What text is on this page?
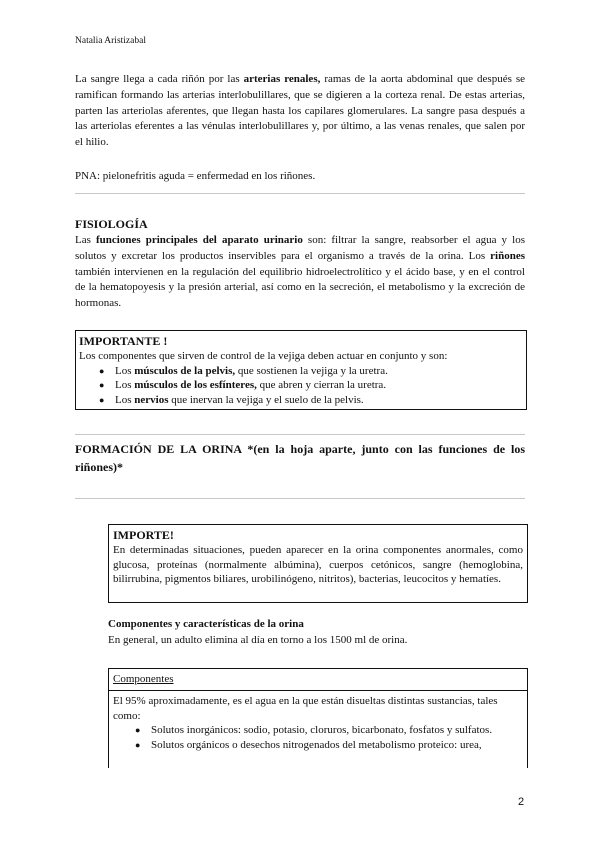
Natalia Aristizabal

La sangre llega a cada riñón por las arterias renales, ramas de la aorta abdominal que después se ramifican formando las arterias interlobulillares, que se digieren a la corteza renal. De estas arterias, parten las arteriolas aferentes, que llegan hasta los capilares glomerulares. La sangre pasa después a las arteriolas eferentes a las vénulas interlobulillares y, por último, a las venas renales, que salen por el hilio.

PNA: pielonefritis aguda = enfermedad en los riñones.

FISIOLOGÍA

Las funciones principales del aparato urinario son: filtrar la sangre, reabsorber el agua y los solutos y excretar los productos inservibles para el organismo a través de la orina. Los riñones también intervienen en la regulación del equilibrio hidroelectrolítico y el ácido base, y en el control de la hematopoyesis y la presión arterial, así como en la secreción, el metabolismo y la excreción de hormonas.

IMPORTANTE !
Los componentes que sirven de control de la vejiga deben actuar en conjunto y son:
● Los músculos de la pelvis, que sostienen la vejiga y la uretra.
● Los músculos de los esfínteres, que abren y cierran la uretra.
● Los nervios que inervan la vejiga y el suelo de la pelvis.

FORMACIÓN DE LA ORINA *(en la hoja aparte, junto con las funciones de los riñones)*

IMPORTE!
En determinadas situaciones, pueden aparecer en la orina componentes anormales, como glucosa, proteínas (normalmente albúmina), cuerpos cetónicos, sangre (hemoglobina, bilirrubina, pigmentos biliares, urobilinógeno, nitritos), bacterias, leucocitos y hematíes.

Componentes y características de la orina

En general, un adulto elimina al día en torno a los 1500 ml de orina.

Componentes
El 95% aproximadamente, es el agua en la que están disueltas distintas sustancias, tales como:
● Solutos inorgánicos: sodio, potasio, cloruros, bicarbonato, fosfatos y sulfatos.
● Solutos orgánicos o desechos nitrogenados del metabolismo proteico: urea,
2
